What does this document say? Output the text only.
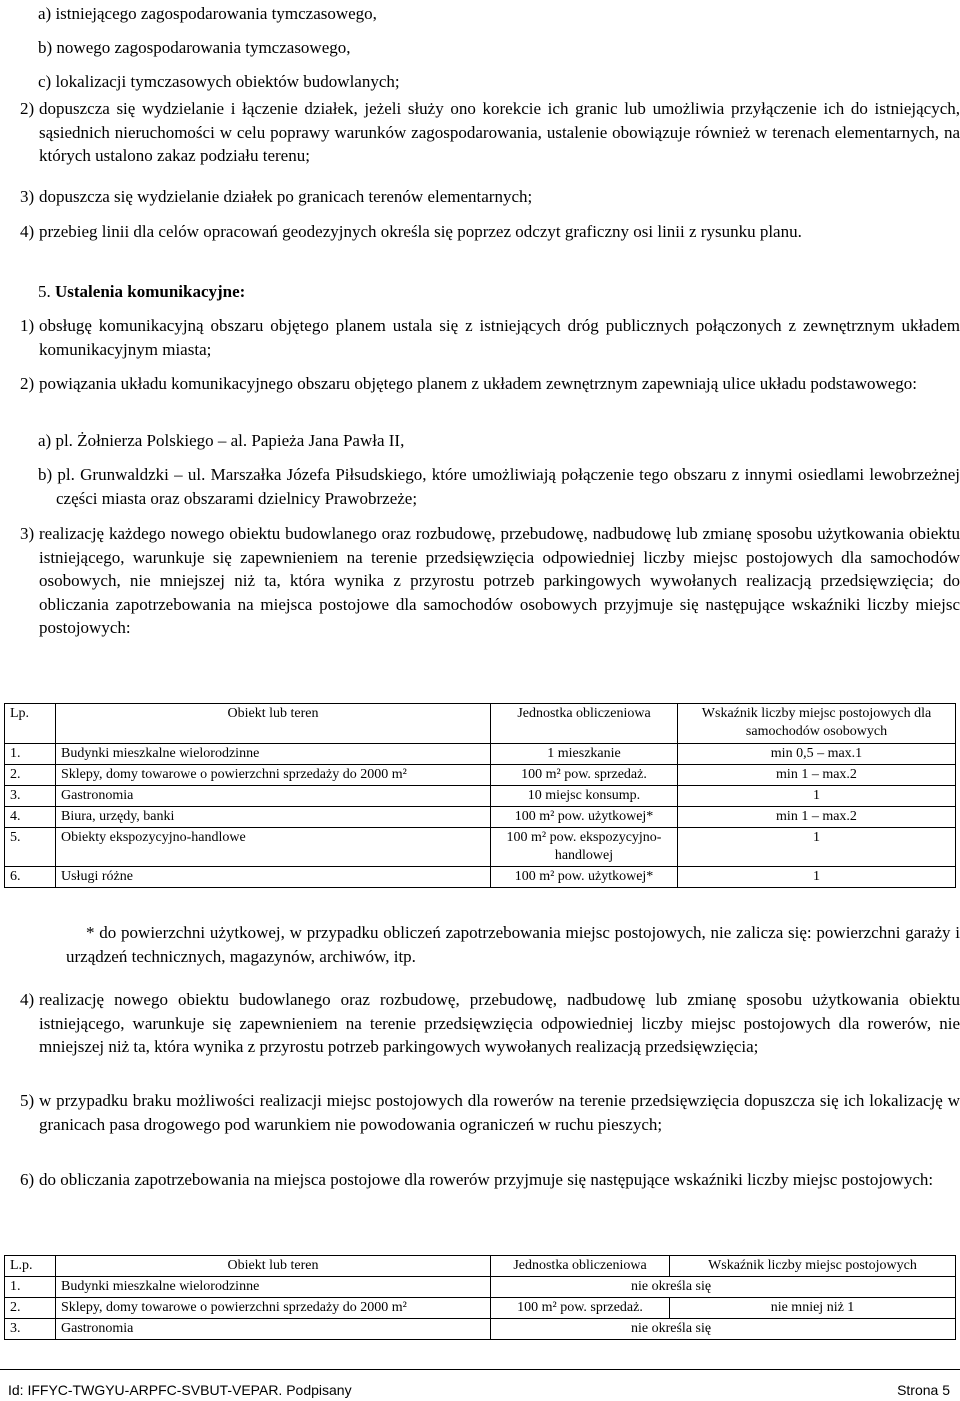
a) istniejącego zagospodarowania tymczasowego,

b) nowego zagospodarowania tymczasowego,

c) lokalizacji tymczasowych obiektów budowlanych;

2) dopuszcza się wydzielanie i łączenie działek, jeżeli służy ono korekcie ich granic lub umożliwia przyłączenie ich do istniejących, sąsiednich nieruchomości w celu poprawy warunków zagospodarowania, ustalenie obowiązuje również w terenach elementarnych, na których ustalono zakaz podziału terenu;
3) dopuszcza się wydzielanie działek po granicach terenów elementarnych;
4) przebieg linii dla celów opracowań geodezyjnych określa się poprzez odczyt graficzny osi linii z rysunku planu.
5. Ustalenia komunikacyjne:
1) obsługę komunikacyjną obszaru objętego planem ustala się z istniejących dróg publicznych połączonych z zewnętrznym układem komunikacyjnym miasta;
2) powiązania układu komunikacyjnego obszaru objętego planem z układem zewnętrznym zapewniają ulice układu podstawowego:

a) pl. Żołnierza Polskiego – al. Papieża Jana Pawła II,

b) pl. Grunwaldzki – ul. Marszałka Józefa Piłsudskiego, które umożliwiają połączenie tego obszaru z innymi osiedlami lewobrzeżnej części miasta oraz obszarami dzielnicy Prawobrzeże;
3) realizację każdego nowego obiektu budowlanego oraz rozbudowę, przebudowę, nadbudowę lub zmianę sposobu użytkowania obiektu istniejącego, warunkuje się zapewnieniem na terenie przedsięwzięcia odpowiedniej liczby miejsc postojowych dla samochodów osobowych, nie mniejszej niż ta, która wynika z przyrostu potrzeb parkingowych wywołanych realizacją przedsięwzięcia; do obliczania zapotrzebowania na miejsca postojowe dla samochodów osobowych przyjmuje się następujące wskaźniki liczby miejsc postojowych:
Lp.	Obiekt lub teren	Jednostka obliczeniowa	Wskaźnik liczby miejsc postojowych dla samochodów osobowych
1.	Budynki mieszkalne wielorodzinne	1 mieszkanie	min 0,5 – max.1
2.	Sklepy, domy towarowe o powierzchni sprzedaży do 2000 m²	100 m² pow. sprzedaż.	min 1 – max.2
3.	Gastronomia	10 miejsc konsump.	1
4.	Biura, urzędy, banki	100 m² pow. użytkowej*	min 1 – max.2
5.	Obiekty ekspozycyjno-handlowe	100 m² pow. ekspozycyjno-handlowej	1
6.	Usługi różne	100 m² pow. użytkowej*	1

* do powierzchni użytkowej, w przypadku obliczeń zapotrzebowania miejsc postojowych, nie zalicza się: powierzchni garaży i urządzeń technicznych, magazynów, archiwów, itp.

4) realizację nowego obiektu budowlanego oraz rozbudowę, przebudowę, nadbudowę lub zmianę sposobu użytkowania obiektu istniejącego, warunkuje się zapewnieniem na terenie przedsięwzięcia odpowiedniej liczby miejsc postojowych dla rowerów, nie mniejszej niż ta, która wynika z przyrostu potrzeb parkingowych wywołanych realizacją przedsięwzięcia;
5) w przypadku braku możliwości realizacji miejsc postojowych dla rowerów na terenie przedsięwzięcia dopuszcza się ich lokalizację w granicach pasa drogowego pod warunkiem nie powodowania ograniczeń w ruchu pieszych;
6) do obliczania zapotrzebowania na miejsca postojowe dla rowerów przyjmuje się następujące wskaźniki liczby miejsc postojowych:
L.p.	Obiekt lub teren	Jednostka obliczeniowa	Wskaźnik liczby miejsc postojowych
1.	Budynki mieszkalne wielorodzinne	nie określa się	
2.	Sklepy, domy towarowe o powierzchni sprzedaży do 2000 m²	100 m² pow. sprzedaż.	nie mniej niż 1
3.	Gastronomia	nie określa się	
Id: IFFYC-TWGYU-ARPFC-SVBUT-VEPAR. Podpisany	Strona 5
